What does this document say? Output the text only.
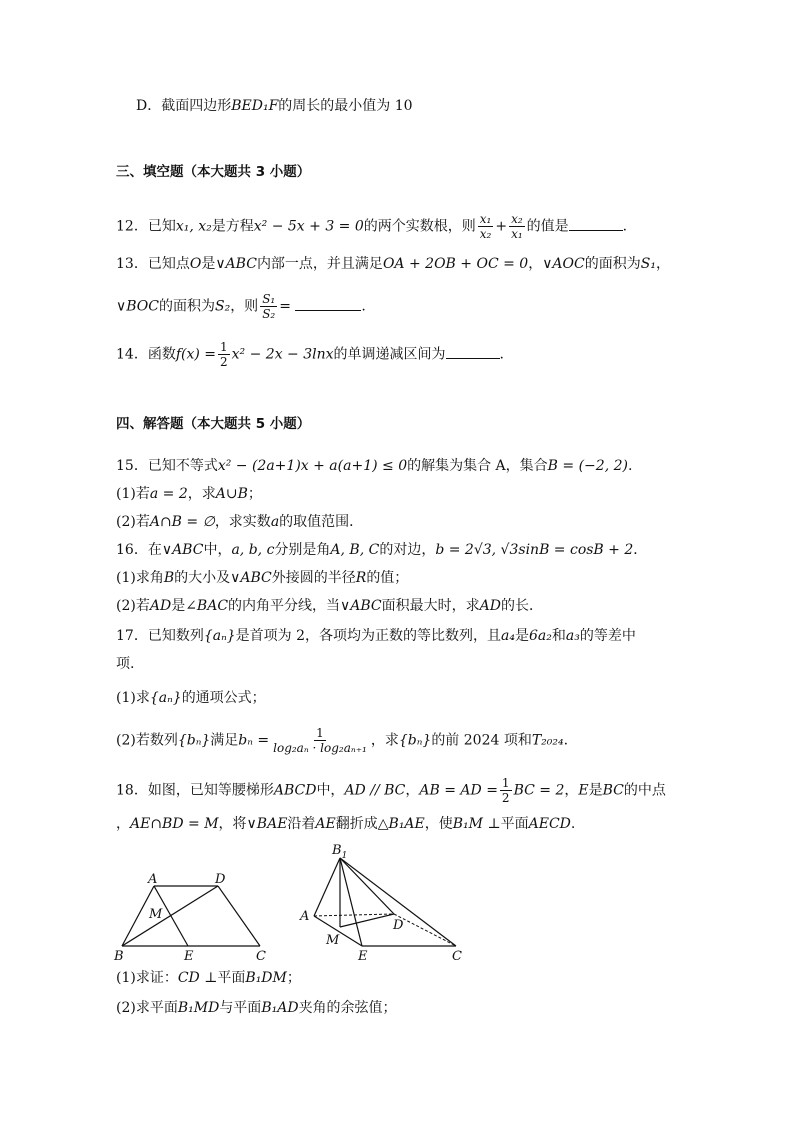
D．截面四边形BED₁F的周长的最小值为 10
三、填空题（本大题共 3 小题）
12．已知x₁, x₂是方程x² − 5x + 3 = 0的两个实数根，则 $\frac{\text{x₁}}{\text{x₂}} + \frac{\text{x₂}}{\text{x₁}}$ 的值是	.
13．已知点O是∨ABC内部一点，并且满足OA + 2OB + OC = 0，∨AOC的面积为S₁，
∨BOC的面积为S₂，则 $\frac{\text{S₁}}{\text{S₂}}$ =	.
14．函数$f(x) = \frac{1}{2} x^2 - 2x - 3\ln x$的单调递减区间为	.
四、解答题（本大题共 5 小题）
15．已知不等式x² − (2a+1)x + a(a+1) ≤ 0的解集为集合 A，集合B = (−2, 2).
(1)若a = 2，求A∪B；
(2)若A∩B = ∅，求实数a的取值范围．
16．在∨ABC中，a, b, c分别是角A, B, C的对边，b = 2√3, √3sinB = cosB + 2．
(1)求角B的大小及∨ABC外接圆的半径R的值；
(2)若AD是∠BAC的内角平分线，当∨ABC面积最大时，求AD的长．
17．已知数列{aₙ}是首项为 2，各项均为正数的等比数列，且a₄是6a₂和a₃的等差中
项.
(1)求{aₙ}的通项公式；
(2)若数列{bₙ}满足$b_n = \frac{1}{\text{log₂aₙ · log₂aₙ₊₁}}$ ，求{bₙ}的前 2024 项和T₂₀₂₄.
18．如图，已知等腰梯形ABCD中，AD // BC，AB = AD = $\frac{1}{2}$ BC = 2，E是BC的中点
，AE∩BD = M，将∨BAE沿着AE翻折成△B₁AE，使B₁M ⊥平面AECD.
A	D
M
B	E	C
$B_1$
A
D
M
E	C
(1)求证：CD ⊥平面B₁DM；
(2)求平面B₁MD与平面B₁AD夹角的余弦值；
